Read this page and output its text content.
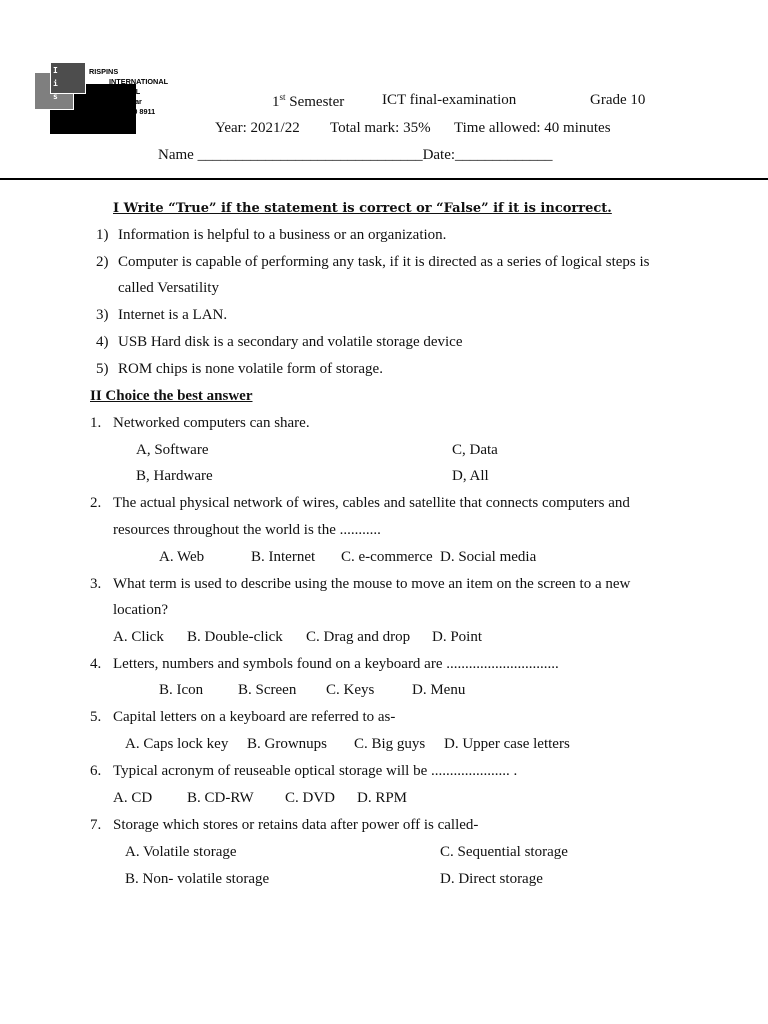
I
i
s
RISPINS
INTERNATIONAL
SCHOOL
Bahir Dar
058 220 8911
1st Semester	ICT final-examination	Grade 10
Year: 2021/22 Total mark: 35% Time allowed: 40 minutes
Name ______________________________Date:_____________
I Write “True” if the statement is correct or “False” if it is incorrect.
1) Information is helpful to a business or an organization.
2) Computer is capable of performing any task, if it is directed as a series of logical steps is
called Versatility
3) Internet is a LAN.
4) USB Hard disk is a secondary and volatile storage device
5) ROM chips is none volatile form of storage.
II Choice the best answer
1. Networked computers can share.
A, Software	C, Data
B, Hardware	D, All
2. The actual physical network of wires, cables and satellite that connects computers and
resources throughout the world is the ...........
A. Web	B. Internet C. e-commerce D. Social media
3. What term is used to describe using the mouse to move an item on the screen to a new
location?
A. Click B. Double-click C. Drag and drop D. Point
4. Letters, numbers and symbols found on a keyboard are ..............................
B. Icon B. Screen C. Keys	D. Menu
5. Capital letters on a keyboard are referred to as-
A. Caps lock key B. Grownups C. Big guys D. Upper case letters
6. Typical acronym of reuseable optical storage will be ..................... .
A. CD B. CD-RW C. DVD D. RPM
7. Storage which stores or retains data after power off is called-
A. Volatile storage	C. Sequential storage
B. Non- volatile storage	D. Direct storage
